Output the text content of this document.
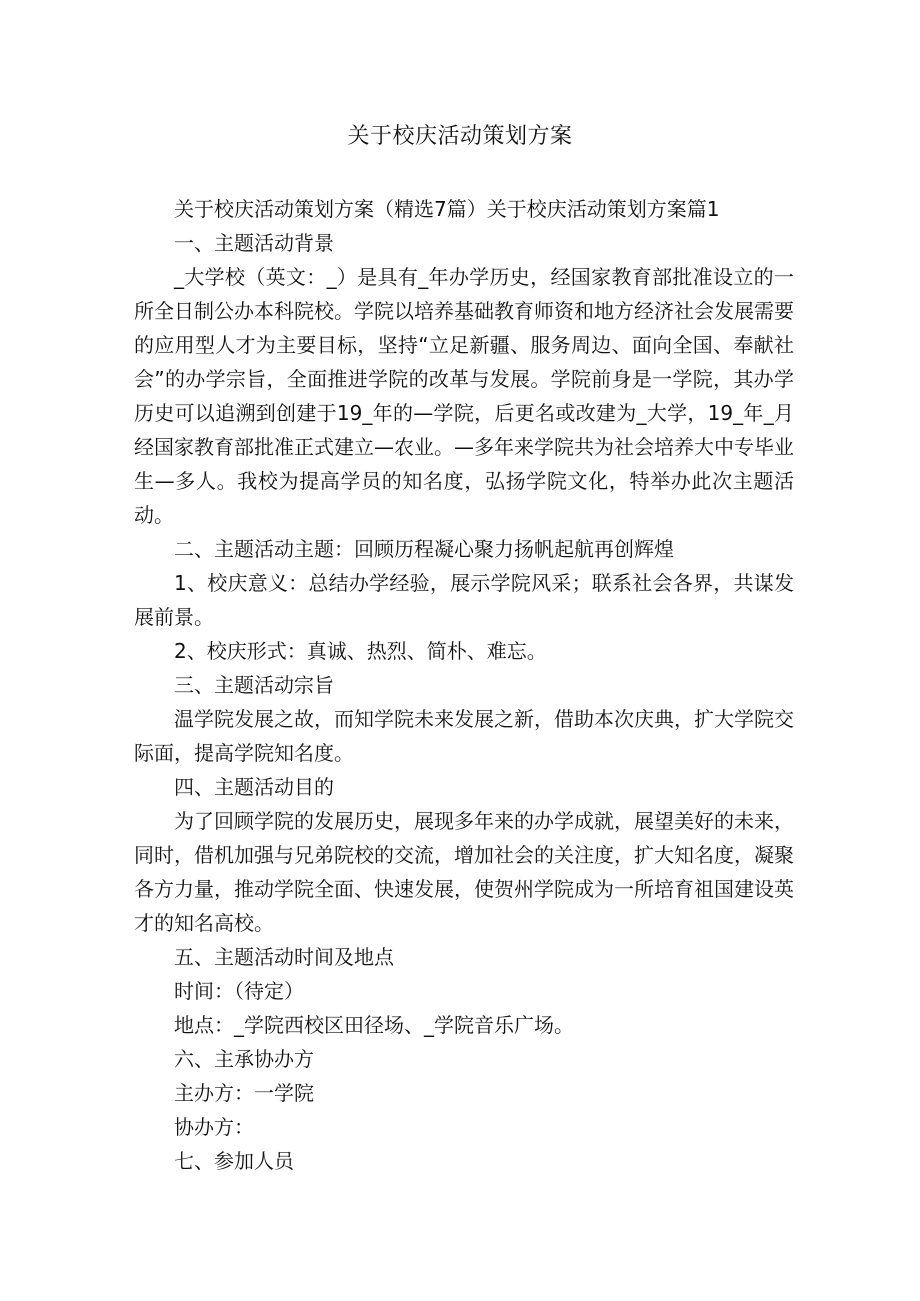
关于校庆活动策划方案

关于校庆活动策划方案（精选7篇）关于校庆活动策划方案篇1

一、主题活动背景

_大学校（英文：_）是具有_年办学历史，经国家教育部批准设立的一所全日制公办本科院校。学院以培养基础教育师资和地方经济社会发展需要的应用型人才为主要目标，坚持“立足新疆、服务周边、面向全国、奉献社会”的办学宗旨，全面推进学院的改革与发展。学院前身是一学院，其办学历史可以追溯到创建于19_年的—学院，后更名或改建为_大学，19_年_月经国家教育部批准正式建立—农业。—多年来学院共为社会培养大中专毕业生—多人。我校为提高学员的知名度，弘扬学院文化，特举办此次主题活动。

二、主题活动主题：回顾历程凝心聚力扬帆起航再创辉煌

1、校庆意义：总结办学经验，展示学院风采；联系社会各界，共谋发展前景。

2、校庆形式：真诚、热烈、简朴、难忘。

三、主题活动宗旨

温学院发展之故，而知学院未来发展之新，借助本次庆典，扩大学院交际面，提高学院知名度。

四、主题活动目的

为了回顾学院的发展历史，展现多年来的办学成就，展望美好的未来，同时，借机加强与兄弟院校的交流，增加社会的关注度，扩大知名度，凝聚各方力量，推动学院全面、快速发展，使贺州学院成为一所培育祖国建设英才的知名高校。

五、主题活动时间及地点

时间：（待定）

地点：_学院西校区田径场、_学院音乐广场。

六、主承协办方

主办方：一学院

协办方：

七、参加人员
